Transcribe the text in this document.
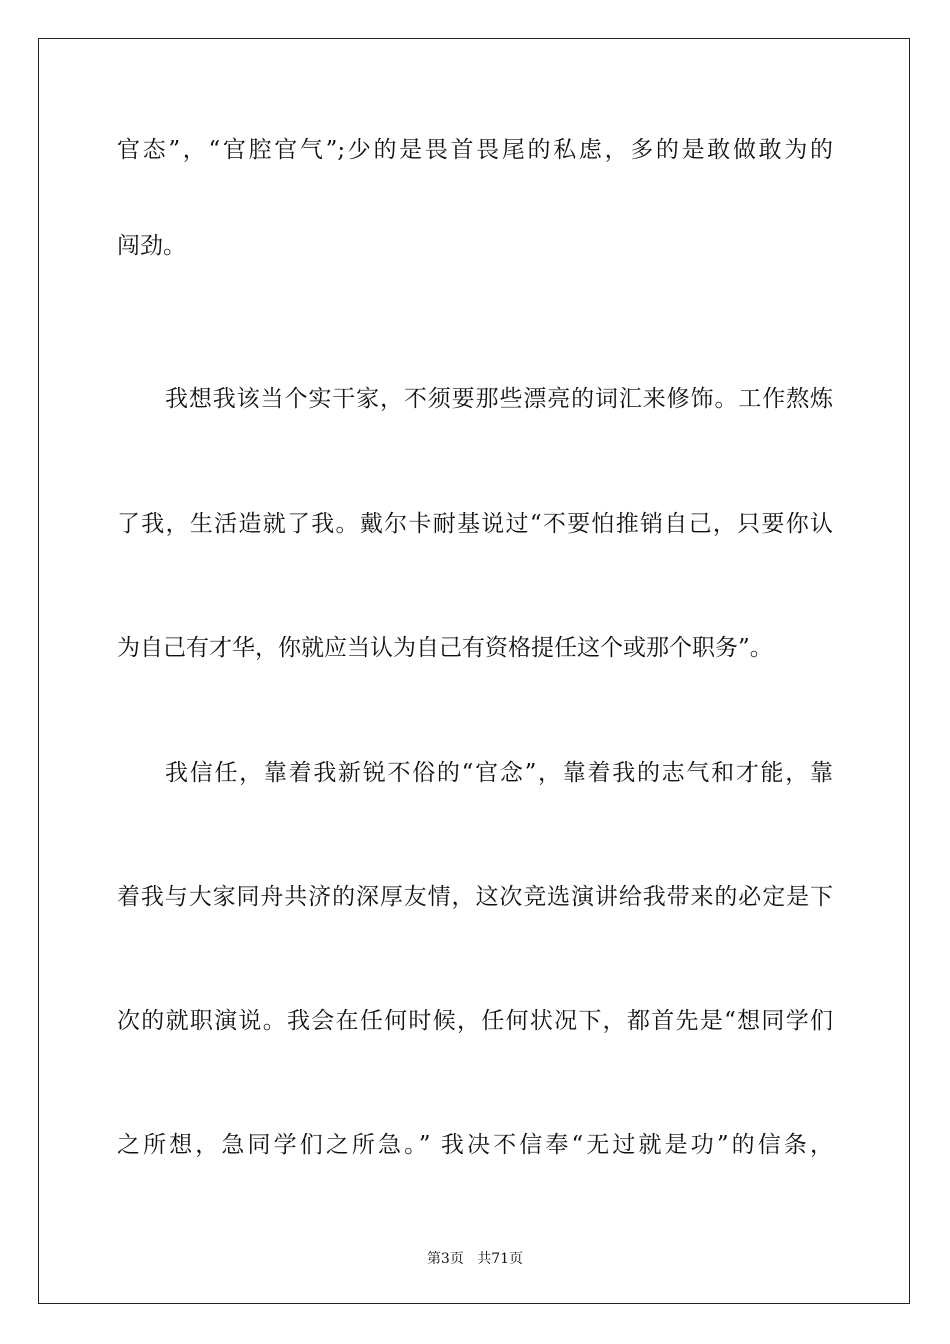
官态”，“官腔官气”;少的是畏首畏尾的私虑，多的是敢做敢为的
闯劲。
我想我该当个实干家，不须要那些漂亮的词汇来修饰。工作熬炼
了我，生活造就了我。戴尔卡耐基说过“不要怕推销自己，只要你认
为自己有才华，你就应当认为自己有资格提任这个或那个职务”。
我信任，靠着我新锐不俗的“官念”，靠着我的志气和才能，靠
着我与大家同舟共济的深厚友情，这次竞选演讲给我带来的必定是下
次的就职演说。我会在任何时候，任何状况下，都首先是“想同学们
之所想，急同学们之所急。” 我决不信奉“无过就是功”的信条，
第3页 共71页
